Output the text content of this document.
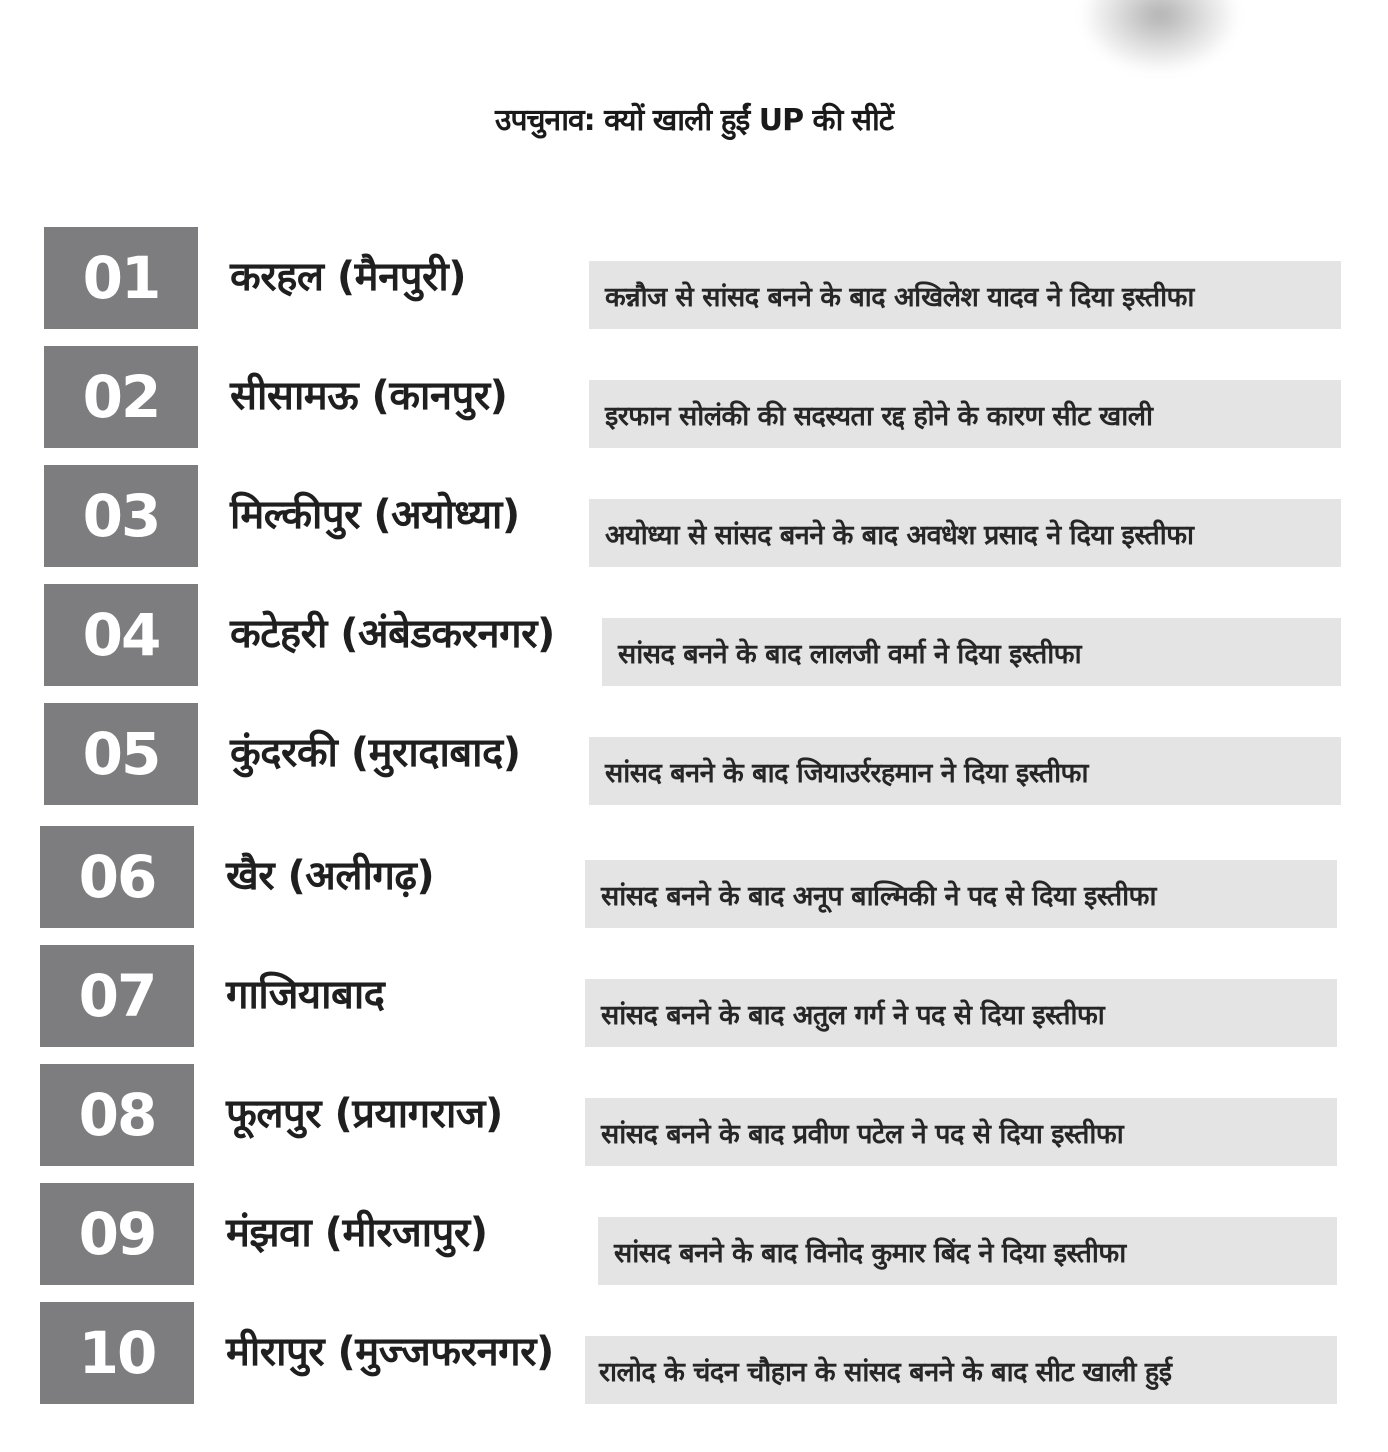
उपचुनाव: क्यों खाली हुईं UP की सीटें
01 करहल (मैनपुरी)	कन्नौज से सांसद बनने के बाद अखिलेश यादव ने दिया इस्तीफा
02 सीसामऊ (कानपुर)	इरफान सोलंकी की सदस्यता रद्द होने के कारण सीट खाली
03 मिल्कीपुर (अयोध्या)	अयोध्या से सांसद बनने के बाद अवधेश प्रसाद ने दिया इस्तीफा
04 कटेहरी (अंबेडकरनगर) सांसद बनने के बाद लालजी वर्मा ने दिया इस्तीफा
05 कुंदरकी (मुरादाबाद)	सांसद बनने के बाद जियाउर्ररहमान ने दिया इस्तीफा
06 खैर (अलीगढ़)	सांसद बनने के बाद अनूप बाल्मिकी ने पद से दिया इस्तीफा
07 गाजियाबाद	सांसद बनने के बाद अतुल गर्ग ने पद से दिया इस्तीफा
08 फूलपुर (प्रयागराज)	सांसद बनने के बाद प्रवीण पटेल ने पद से दिया इस्तीफा
09 मंझवा (मीरजापुर)	सांसद बनने के बाद विनोद कुमार बिंद ने दिया इस्तीफा
10 मीरापुर (मुज्जफरनगर) रालोद के चंदन चौहान के सांसद बनने के बाद सीट खाली हुई
